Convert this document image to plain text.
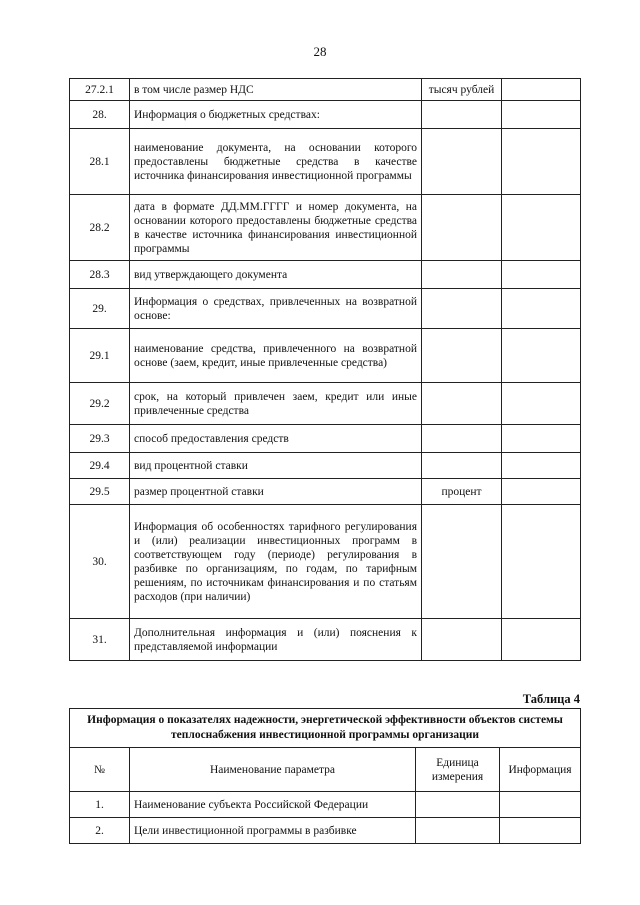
28
27.2.1	в том числе размер НДС	тысяч рублей	
28.	Информация о бюджетных средствах:		
28.1	наименование документа, на основании которого предоставлены бюджетные средства в качестве источника финансирования инвестиционной программы		
28.2	дата в формате ДД.ММ.ГГГГ и номер документа, на основании которого предоставлены бюджетные средства в качестве источника финансирования инвестиционной программы		
28.3	вид утверждающего документа		
29.	Информация о средствах, привлеченных на возвратной основе:		
29.1	наименование средства, привлеченного на возвратной основе (заем, кредит, иные привлеченные средства)		
29.2	срок, на который привлечен заем, кредит или иные привлеченные средства		
29.3	способ предоставления средств		
29.4	вид процентной ставки		
29.5	размер процентной ставки	процент	
30.	Информация об особенностях тарифного регулирования и (или) реализации инвестиционных программ в соответствующем году (периоде) регулирования в разбивке по организациям, по годам, по тарифным решениям, по источникам финансирования и по статьям расходов (при наличии)		
31.	Дополнительная информация и (или) пояснения к представляемой информации		
Таблица 4
Информация о показателях надежности, энергетической эффективности объектов системы теплоснабжения инвестиционной программы организации			
№	Наименование параметра	Единица измерения	Информация
1.	Наименование субъекта Российской Федерации		
2.	Цели инвестиционной программы в разбивке		
